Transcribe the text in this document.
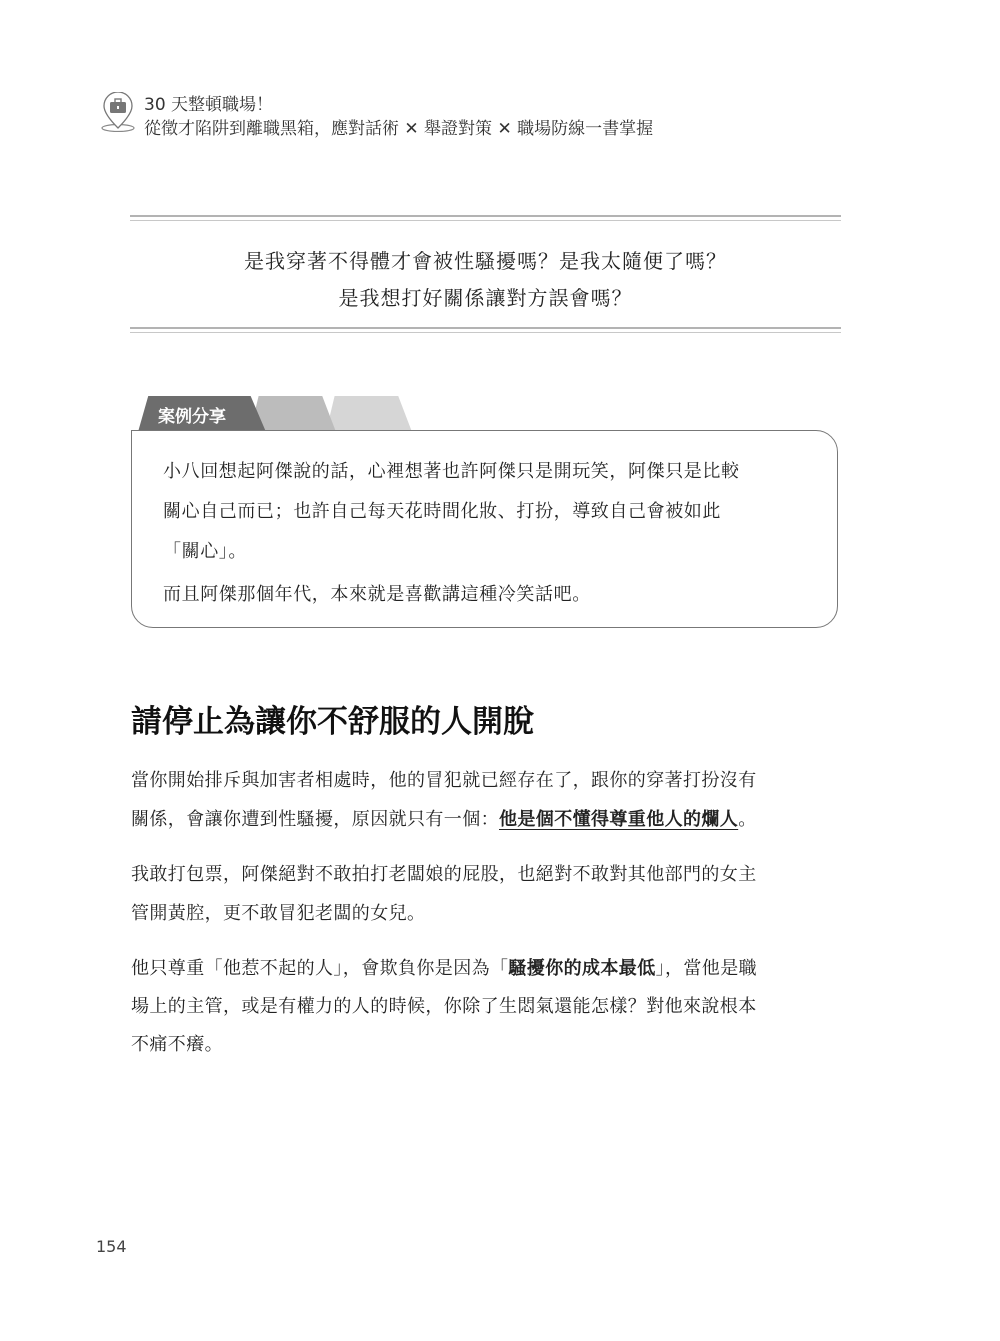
30 天整頓職場！
從徵才陷阱到離職黑箱，應對話術 ✕ 舉證對策 ✕ 職場防線一書掌握
是我穿著不得體才會被性騷擾嗎？是我太隨便了嗎？
是我想打好關係讓對方誤會嗎？
案例分享
小八回想起阿傑說的話，心裡想著也許阿傑只是開玩笑，阿傑只是比較
關心自己而已；也許自己每天花時間化妝、打扮，導致自己會被如此
「關心」。
而且阿傑那個年代，本來就是喜歡講這種冷笑話吧。
請停止為讓你不舒服的人開脫
當你開始排斥與加害者相處時，他的冒犯就已經存在了，跟你的穿著打扮沒有
關係，會讓你遭到性騷擾，原因就只有一個：他是個不懂得尊重他人的爛人。
我敢打包票，阿傑絕對不敢拍打老闆娘的屁股，也絕對不敢對其他部門的女主
管開黃腔，更不敢冒犯老闆的女兒。
他只尊重「他惹不起的人」，會欺負你是因為「騷擾你的成本最低」，當他是職
場上的主管，或是有權力的人的時候，你除了生悶氣還能怎樣？對他來說根本
不痛不癢。
154
